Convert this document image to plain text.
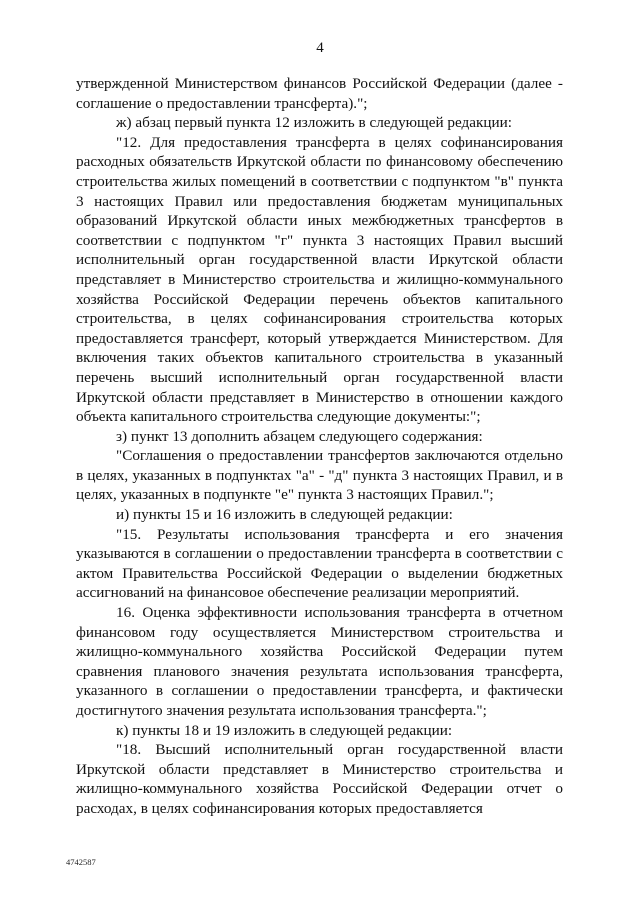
4

утвержденной Министерством финансов Российской Федерации (далее - соглашение о предоставлении трансферта).";

ж) абзац первый пункта 12 изложить в следующей редакции:

"12. Для предоставления трансферта в целях софинансирования расходных обязательств Иркутской области по финансовому обеспечению строительства жилых помещений в соответствии с подпунктом "в" пункта 3 настоящих Правил или предоставления бюджетам муниципальных образований Иркутской области иных межбюджетных трансфертов в соответствии с подпунктом "г" пункта 3 настоящих Правил высший исполнительный орган государственной власти Иркутской области представляет в Министерство строительства и жилищно-коммунального хозяйства Российской Федерации перечень объектов капитального строительства, в целях софинансирования строительства которых предоставляется трансферт, который утверждается Министерством. Для включения таких объектов капитального строительства в указанный перечень высший исполнительный орган государственной власти Иркутской области представляет в Министерство в отношении каждого объекта капитального строительства следующие документы:";

з) пункт 13 дополнить абзацем следующего содержания:

"Соглашения о предоставлении трансфертов заключаются отдельно в целях, указанных в подпунктах "а" - "д" пункта 3 настоящих Правил, и в целях, указанных в подпункте "е" пункта 3 настоящих Правил.";

и) пункты 15 и 16 изложить в следующей редакции:

"15. Результаты использования трансферта и его значения указываются в соглашении о предоставлении трансферта в соответствии с актом Правительства Российской Федерации о выделении бюджетных ассигнований на финансовое обеспечение реализации мероприятий.

16. Оценка эффективности использования трансферта в отчетном финансовом году осуществляется Министерством строительства и жилищно-коммунального хозяйства Российской Федерации путем сравнения планового значения результата использования трансферта, указанного в соглашении о предоставлении трансферта, и фактически достигнутого значения результата использования трансферта.";

к) пункты 18 и 19 изложить в следующей редакции:

"18. Высший исполнительный орган государственной власти Иркутской области представляет в Министерство строительства и жилищно-коммунального хозяйства Российской Федерации отчет о расходах, в целях софинансирования которых предоставляется

4742587
